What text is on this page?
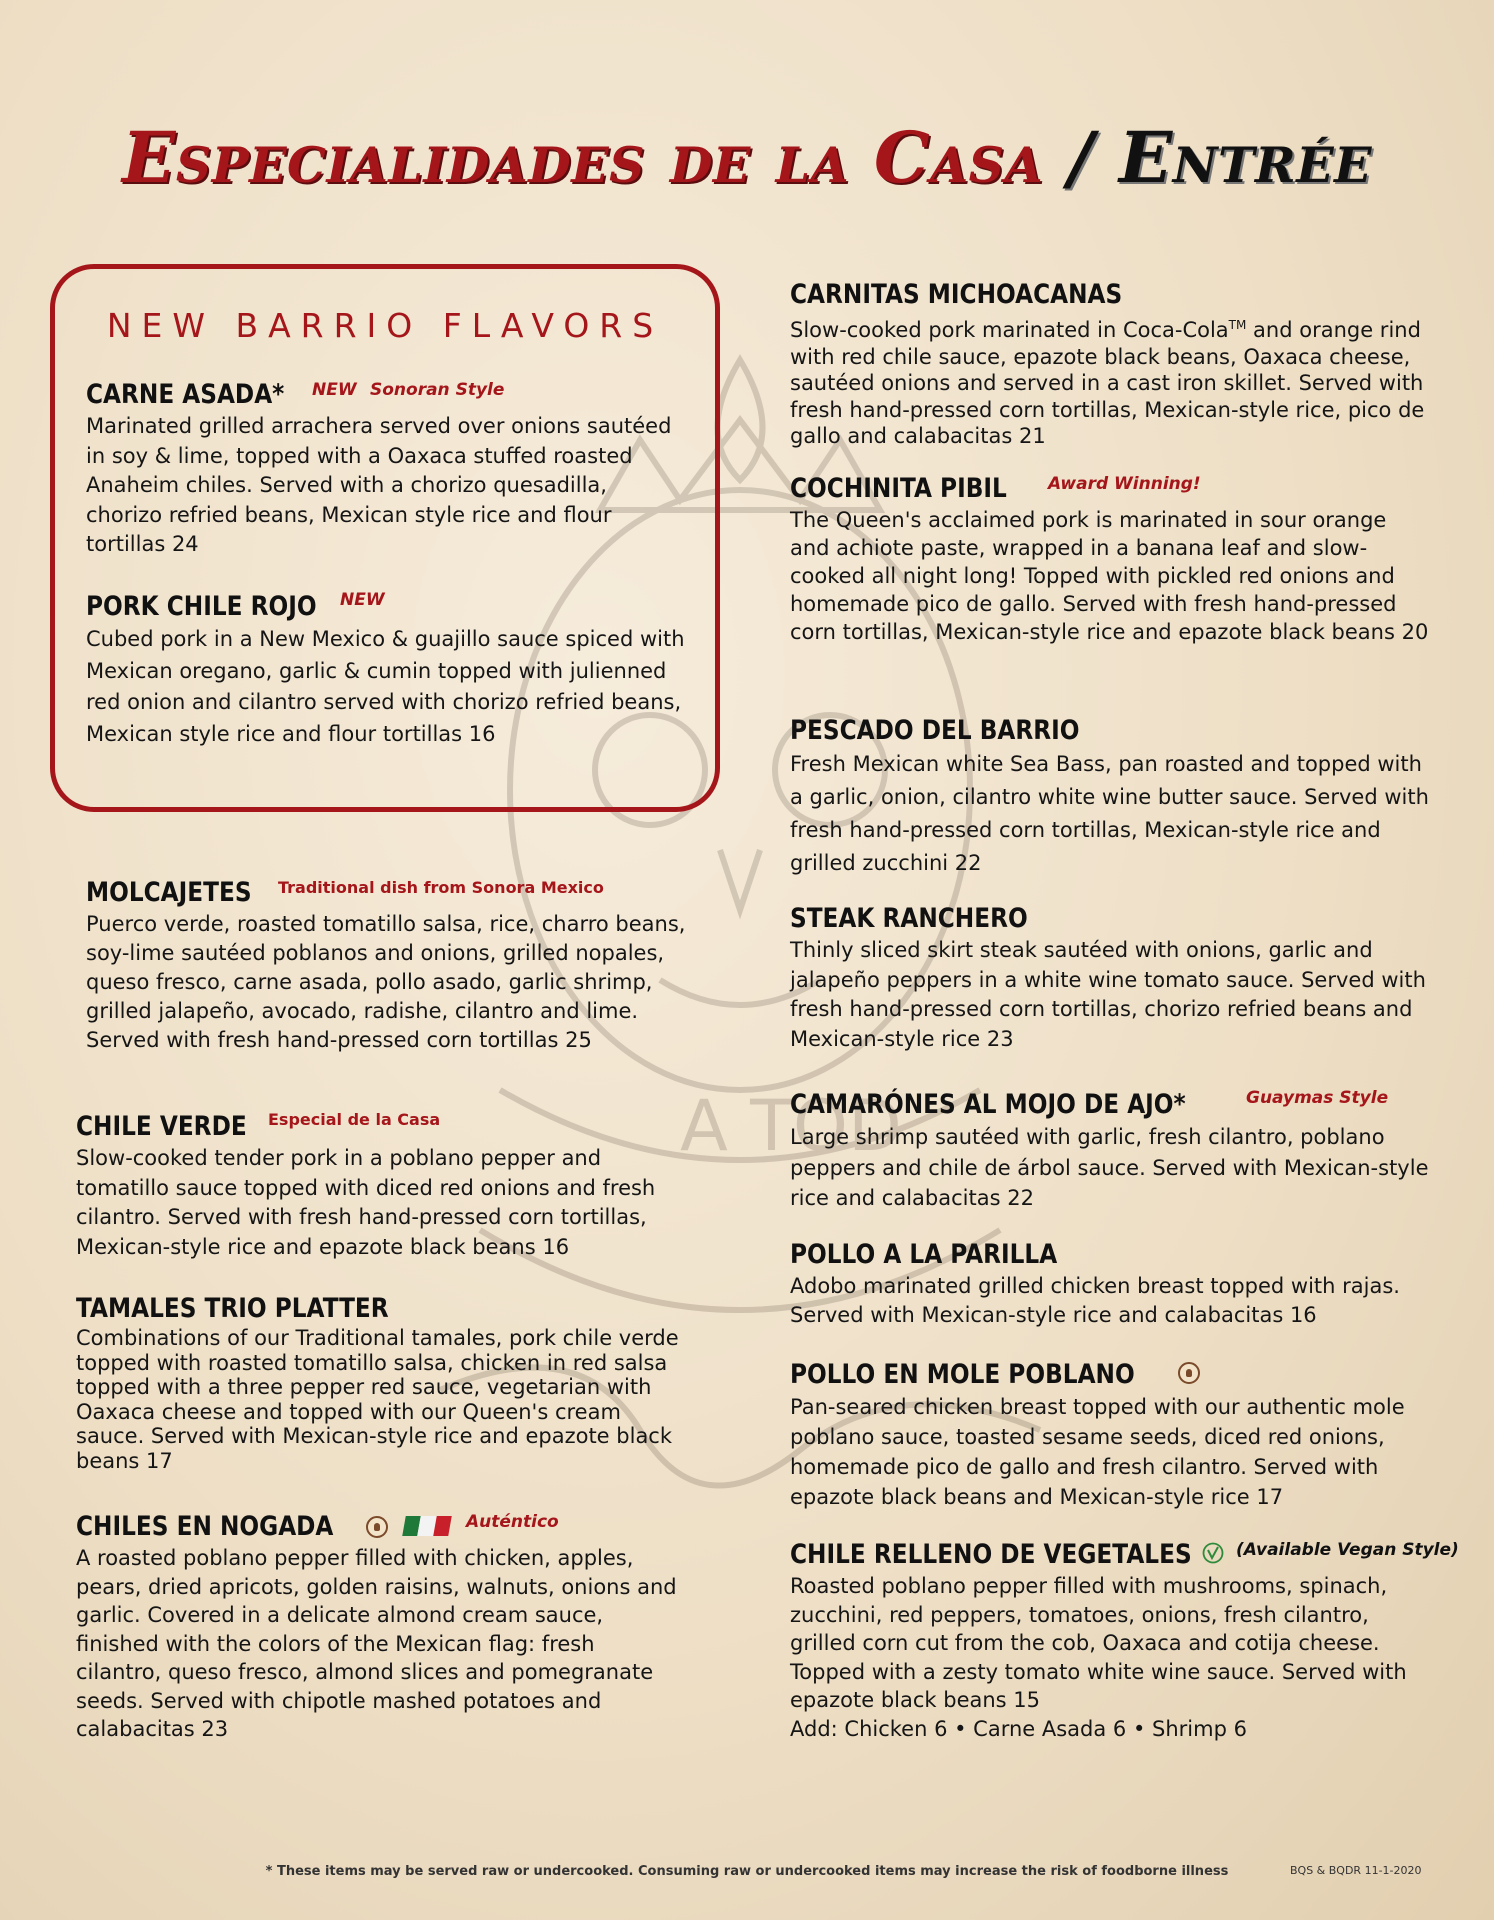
A TOD
Especialidades de la Casa / Entrée
NEW BARRIO FLAVORS
CARNE ASADA* NEW Sonoran Style

Marinated grilled arrachera served over onions sautéed in soy & lime, topped with a Oaxaca stuffed roasted Anaheim chiles. Served with a chorizo quesadilla, chorizo refried beans, Mexican style rice and flour tortillas 24

PORK CHILE ROJO NEW

Cubed pork in a New Mexico & guajillo sauce spiced with Mexican oregano, garlic & cumin topped with julienned red onion and cilantro served with chorizo refried beans, Mexican style rice and flour tortillas 16

MOLCAJETES Traditional dish from Sonora Mexico

Puerco verde, roasted tomatillo salsa, rice, charro beans, soy-lime sautéed poblanos and onions, grilled nopales, queso fresco, carne asada, pollo asado, garlic shrimp, grilled jalapeño, avocado, radishe, cilantro and lime. Served with fresh hand-pressed corn tortillas 25

CHILE VERDE Especial de la Casa

Slow-cooked tender pork in a poblano pepper and tomatillo sauce topped with diced red onions and fresh cilantro. Served with fresh hand-pressed corn tortillas, Mexican-style rice and epazote black beans 16

TAMALES TRIO PLATTER

Combinations of our Traditional tamales, pork chile verde topped with roasted tomatillo salsa, chicken in red salsa topped with a three pepper red sauce, vegetarian with Oaxaca cheese and topped with our Queen's cream sauce. Served with Mexican-style rice and epazote black beans 17

CHILES EN NOGADA	Auténtico

A roasted poblano pepper filled with chicken, apples, pears, dried apricots, golden raisins, walnuts, onions and garlic. Covered in a delicate almond cream sauce, finished with the colors of the Mexican flag: fresh cilantro, queso fresco, almond slices and pomegranate seeds. Served with chipotle mashed potatoes and calabacitas 23

CARNITAS MICHOACANAS

Slow-cooked pork marinated in Coca-Cola™ and orange rind with red chile sauce, epazote black beans, Oaxaca cheese, sautéed onions and served in a cast iron skillet. Served with fresh hand-pressed corn tortillas, Mexican-style rice, pico de gallo and calabacitas 21

COCHINITA PIBIL Award Winning!

The Queen's acclaimed pork is marinated in sour orange and achiote paste, wrapped in a banana leaf and slow-cooked all night long! Topped with pickled red onions and homemade pico de gallo. Served with fresh hand-pressed corn tortillas, Mexican-style rice and epazote black beans 20

PESCADO DEL BARRIO

Fresh Mexican white Sea Bass, pan roasted and topped with a garlic, onion, cilantro white wine butter sauce. Served with fresh hand-pressed corn tortillas, Mexican-style rice and grilled zucchini 22

STEAK RANCHERO

Thinly sliced skirt steak sautéed with onions, garlic and jalapeño peppers in a white wine tomato sauce. Served with fresh hand-pressed corn tortillas, chorizo refried beans and Mexican-style rice 23

CAMARÓNES AL MOJO DE AJO*	Guaymas Style

Large shrimp sautéed with garlic, fresh cilantro, poblano peppers and chile de árbol sauce. Served with Mexican-style rice and calabacitas 22

POLLO A LA PARILLA

Adobo marinated grilled chicken breast topped with rajas. Served with Mexican-style rice and calabacitas 16

POLLO EN MOLE POBLANO

Pan-seared chicken breast topped with our authentic mole poblano sauce, toasted sesame seeds, diced red onions, homemade pico de gallo and fresh cilantro. Served with epazote black beans and Mexican-style rice 17

CHILE RELLENO DE VEGETALES	(Available Vegan Style)

Roasted poblano pepper filled with mushrooms, spinach, zucchini, red peppers, tomatoes, onions, fresh cilantro, grilled corn cut from the cob, Oaxaca and cotija cheese. Topped with a zesty tomato white wine sauce. Served with epazote black beans 15

Add: Chicken 6 • Carne Asada 6 • Shrimp 6

* These items may be served raw or undercooked. Consuming raw or undercooked items may increase the risk of foodborne illness	BQS & BQDR 11-1-2020
